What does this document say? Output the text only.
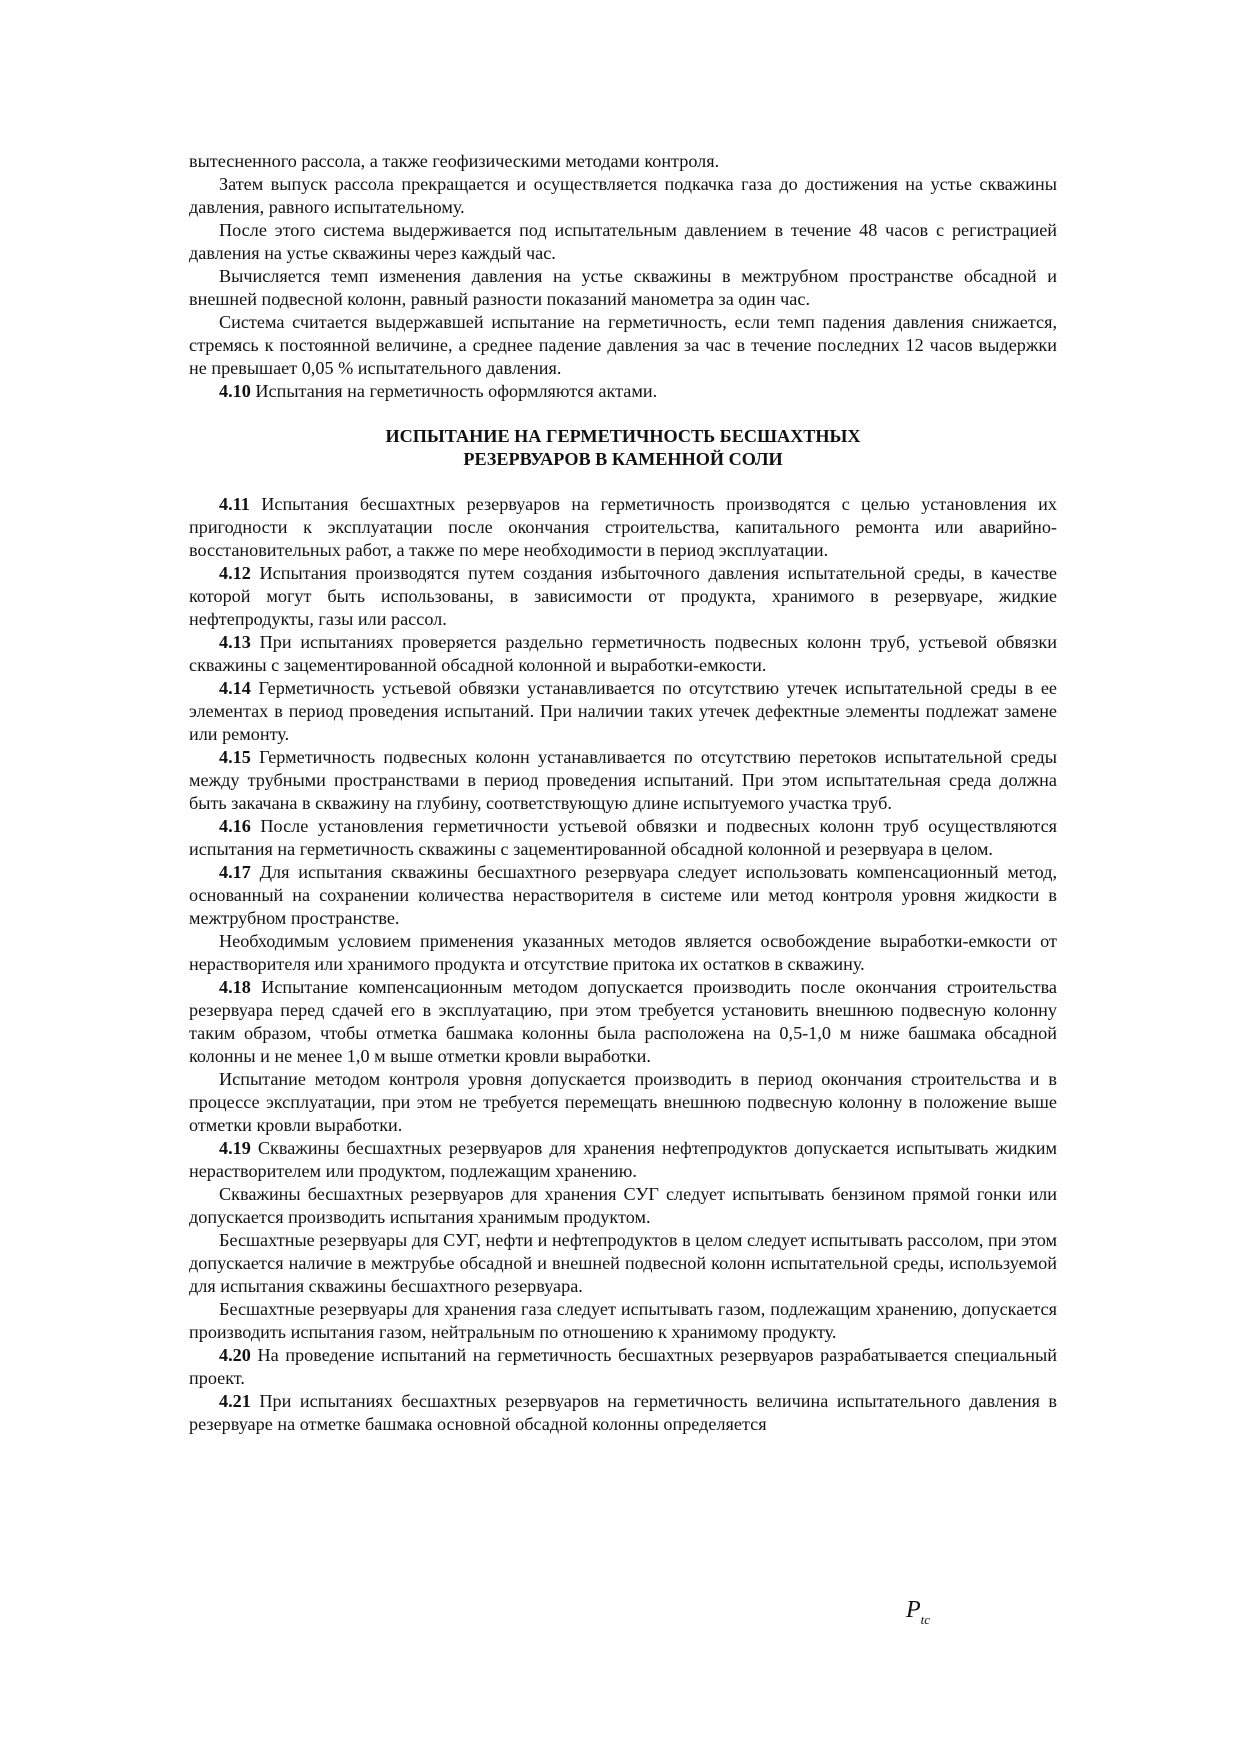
вытесненного рассола, а также геофизическими методами контроля.

Затем выпуск рассола прекращается и осуществляется подкачка газа до достижения на устье скважины давления, равного испытательному.

После этого система выдерживается под испытательным давлением в течение 48 часов с регистрацией давления на устье скважины через каждый час.

Вычисляется темп изменения давления на устье скважины в межтрубном пространстве обсадной и внешней подвесной колонн, равный разности показаний манометра за один час.

Система считается выдержавшей испытание на герметичность, если темп падения давления снижается, стремясь к постоянной величине, а среднее падение давления за час в течение последних 12 часов выдержки не превышает 0,05 % испытательного давления.

4.10 Испытания на герметичность оформляются актами.

ИСПЫТАНИЕ НА ГЕРМЕТИЧНОСТЬ БЕСШАХТНЫХ
РЕЗЕРВУАРОВ В КАМЕННОЙ СОЛИ

4.11 Испытания бесшахтных резервуаров на герметичность производятся с целью установления их пригодности к эксплуатации после окончания строительства, капитального ремонта или аварийно-восстановительных работ, а также по мере необходимости в период эксплуатации.

4.12 Испытания производятся путем создания избыточного давления испытательной среды, в качестве которой могут быть использованы, в зависимости от продукта, хранимого в резервуаре, жидкие нефтепродукты, газы или рассол.

4.13 При испытаниях проверяется раздельно герметичность подвесных колонн труб, устьевой обвязки скважины с зацементированной обсадной колонной и выработки-емкости.

4.14 Герметичность устьевой обвязки устанавливается по отсутствию утечек испытательной среды в ее элементах в период проведения испытаний. При наличии таких утечек дефектные элементы подлежат замене или ремонту.

4.15 Герметичность подвесных колонн устанавливается по отсутствию перетоков испытательной среды между трубными пространствами в период проведения испытаний. При этом испытательная среда должна быть закачана в скважину на глубину, соответствующую длине испытуемого участка труб.

4.16 После установления герметичности устьевой обвязки и подвесных колонн труб осуществляются испытания на герметичность скважины с зацементированной обсадной колонной и резервуара в целом.

4.17 Для испытания скважины бесшахтного резервуара следует использовать компенсационный метод, основанный на сохранении количества нерастворителя в системе или метод контроля уровня жидкости в межтрубном пространстве.

Необходимым условием применения указанных методов является освобождение выработки-емкости от нерастворителя или хранимого продукта и отсутствие притока их остатков в скважину.

4.18 Испытание компенсационным методом допускается производить после окончания строительства резервуара перед сдачей его в эксплуатацию, при этом требуется установить внешнюю подвесную колонну таким образом, чтобы отметка башмака колонны была расположена на 0,5-1,0 м ниже башмака обсадной колонны и не менее 1,0 м выше отметки кровли выработки.

Испытание методом контроля уровня допускается производить в период окончания строительства и в процессе эксплуатации, при этом не требуется перемещать внешнюю подвесную колонну в положение выше отметки кровли выработки.

4.19 Скважины бесшахтных резервуаров для хранения нефтепродуктов допускается испытывать жидким нерастворителем или продуктом, подлежащим хранению.

Скважины бесшахтных резервуаров для хранения СУГ следует испытывать бензином прямой гонки или допускается производить испытания хранимым продуктом.

Бесшахтные резервуары для СУГ, нефти и нефтепродуктов в целом следует испытывать рассолом, при этом допускается наличие в межтрубье обсадной и внешней подвесной колонн испытательной среды, используемой для испытания скважины бесшахтного резервуара.

Бесшахтные резервуары для хранения газа следует испытывать газом, подлежащим хранению, допускается производить испытания газом, нейтральным по отношению к хранимому продукту.

4.20 На проведение испытаний на герметичность бесшахтных резервуаров разрабатывается специальный проект.

4.21 При испытаниях бесшахтных резервуаров на герметичность величина испытательного давления в резервуаре на отметке башмака основной обсадной колонны определяется

$P_{tc}$
